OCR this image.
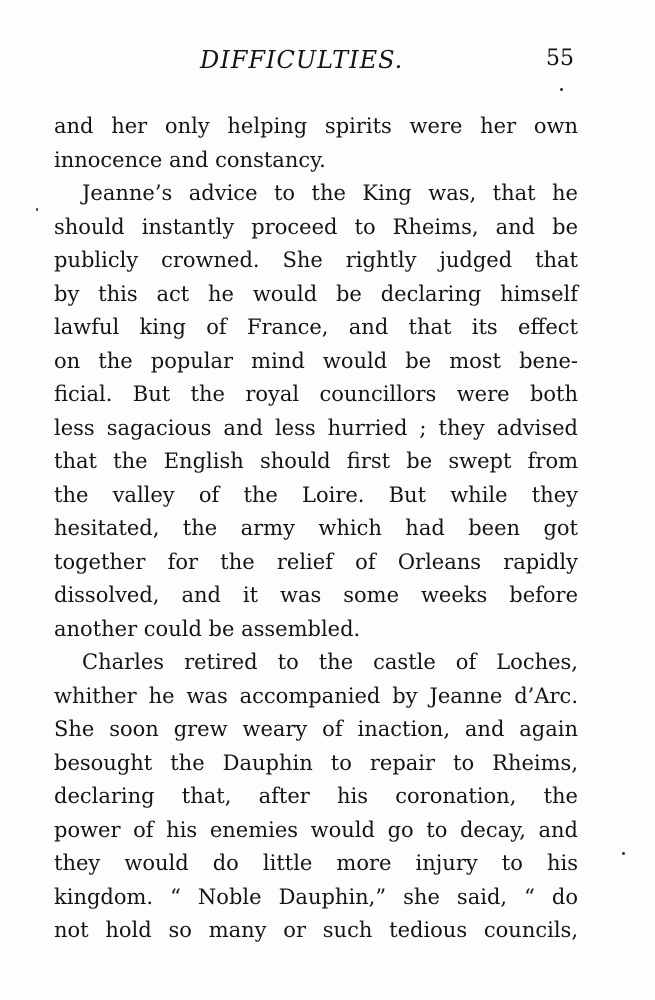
DIFFICULTIES.	55
and her only helping spirits were her own
innocence and constancy.
Jeanne’s advice to the King was, that he
should instantly proceed to Rheims, and be
publicly crowned. She rightly judged that
by this act he would be declaring himself
lawful king of France, and that its effect
on the popular mind would be most bene-
ficial. But the royal councillors were both
less sagacious and less hurried ; they advised
that the English should first be swept from
the valley of the Loire. But while they
hesitated, the army which had been got
together for the relief of Orleans rapidly
dissolved, and it was some weeks before
another could be assembled.
Charles retired to the castle of Loches,
whither he was accompanied by Jeanne d’Arc.
She soon grew weary of inaction, and again
besought the Dauphin to repair to Rheims,
declaring that, after his coronation, the
power of his enemies would go to decay, and
they would do little more injury to his
kingdom. “ Noble Dauphin,” she said, “ do
not hold so many or such tedious councils,
